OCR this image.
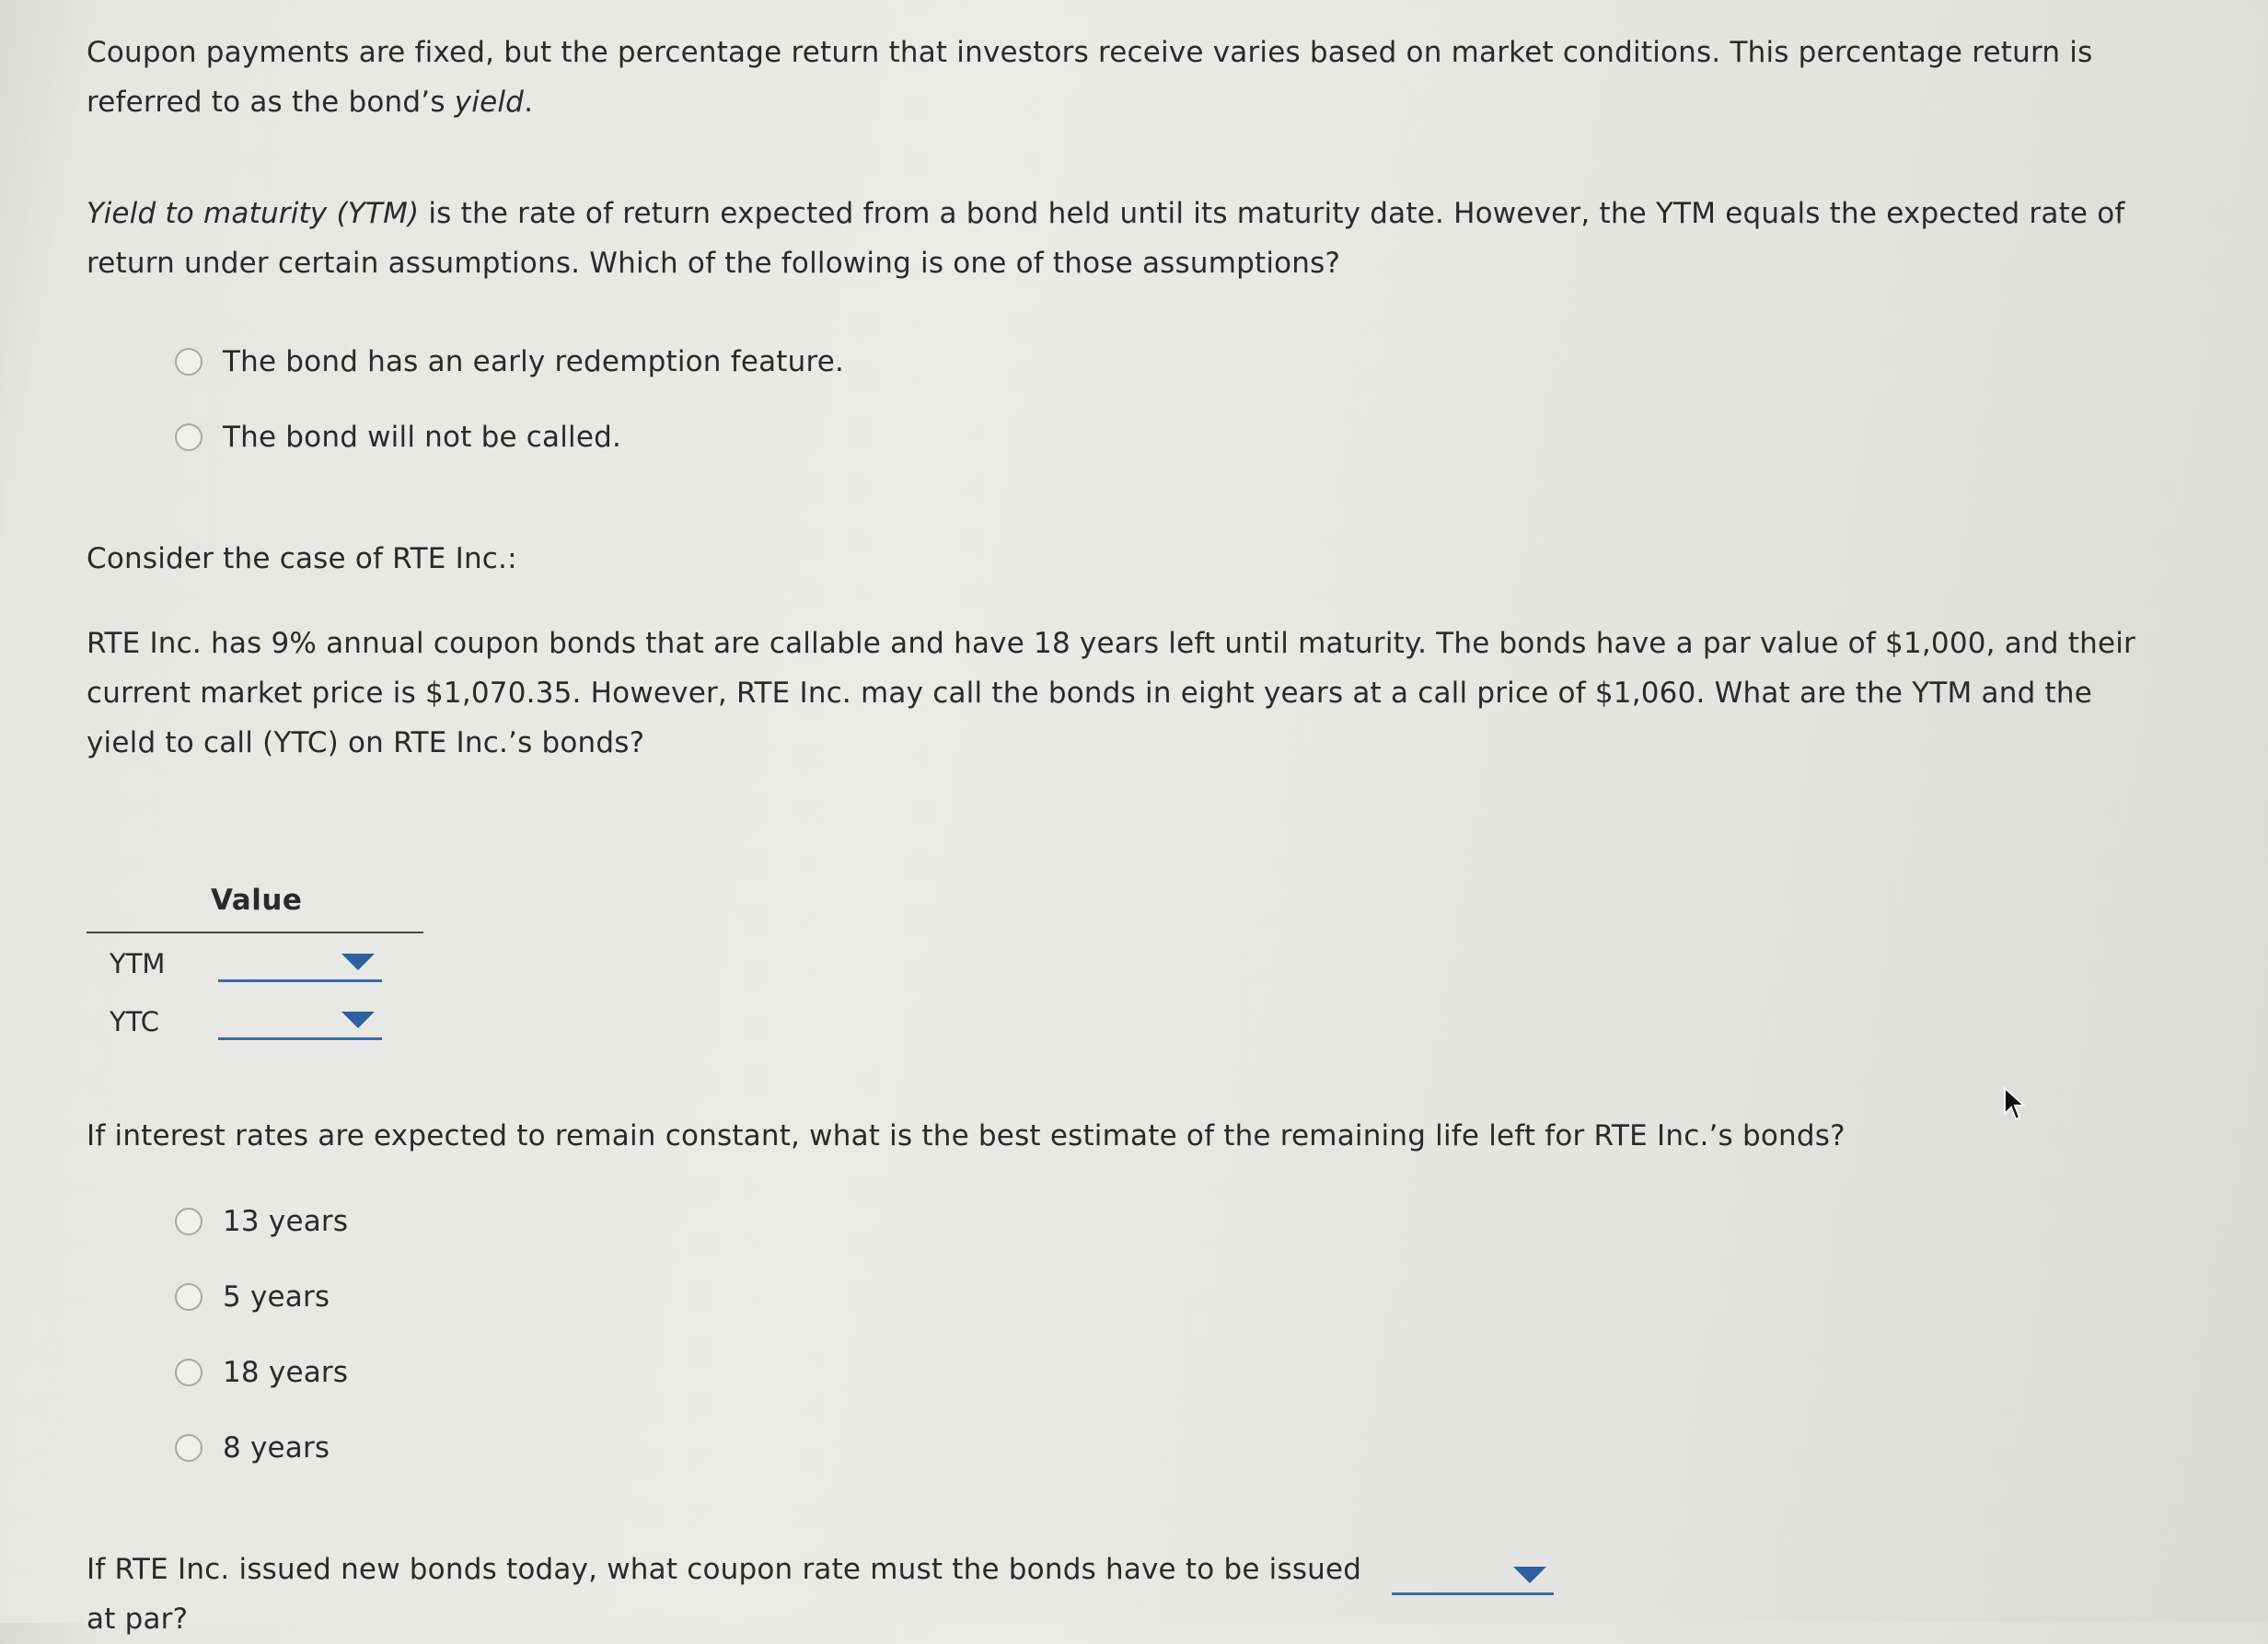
Coupon payments are fixed, but the percentage return that investors receive varies based on market conditions. This percentage return is referred to as the bond’s yield.
Yield to maturity (YTM) is the rate of return expected from a bond held until its maturity date. However, the YTM equals the expected rate of return under certain assumptions. Which of the following is one of those assumptions?
The bond has an early redemption feature.
The bond will not be called.
Consider the case of RTE Inc.:
RTE Inc. has 9% annual coupon bonds that are callable and have 18 years left until maturity. The bonds have a par value of $1,000, and their current market price is $1,070.35. However, RTE Inc. may call the bonds in eight years at a call price of $1,060. What are the YTM and the yield to call (YTC) on RTE Inc.’s bonds?
Value
YTM
YTC
If interest rates are expected to remain constant, what is the best estimate of the remaining life left for RTE Inc.’s bonds?
13 years
5 years
18 years
8 years
If RTE Inc. issued new bonds today, what coupon rate must the bonds have to be issued at par?
